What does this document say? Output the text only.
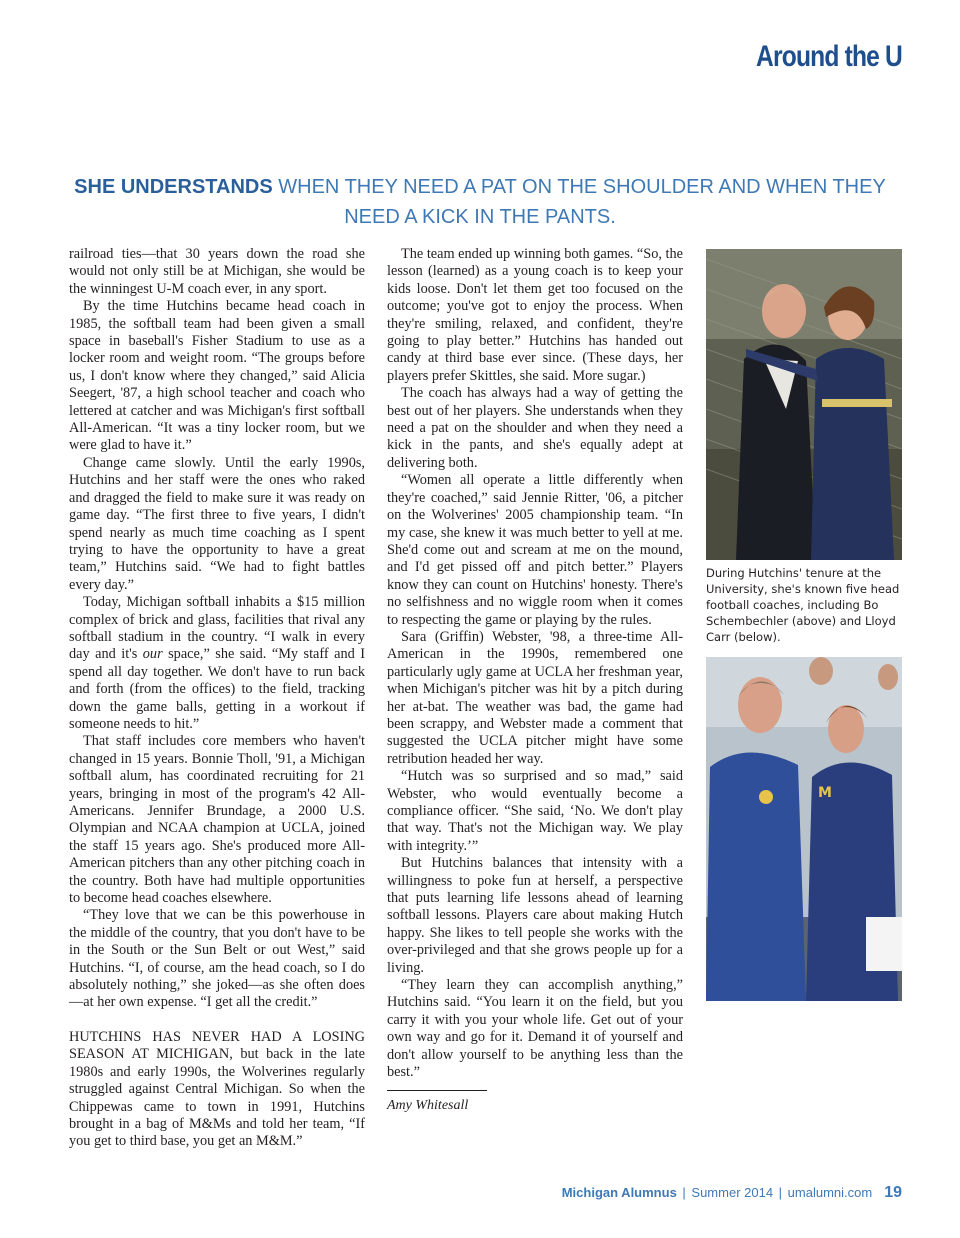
Around the U
SHE UNDERSTANDS WHEN THEY NEED A PAT ON THE SHOULDER AND WHEN THEY NEED A KICK IN THE PANTS.

railroad ties—that 30 years down the road she would not only still be at Michigan, she would be the winningest U-M coach ever, in any sport.

By the time Hutchins became head coach in 1985, the softball team had been given a small space in baseball's Fisher Stadium to use as a locker room and weight room. “The groups before us, I don't know where they changed,” said Alicia Seegert, '87, a high school teacher and coach who lettered at catcher and was Michigan's first softball All-American. “It was a tiny locker room, but we were glad to have it.”

Change came slowly. Until the early 1990s, Hutchins and her staff were the ones who raked and dragged the field to make sure it was ready on game day. “The first three to five years, I didn't spend nearly as much time coaching as I spent trying to have the opportunity to have a great team,” Hutchins said. “We had to fight battles every day.”

Today, Michigan softball inhabits a $15 million complex of brick and glass, facilities that rival any softball stadium in the country. “I walk in every day and it's our space,” she said. “My staff and I spend all day together. We don't have to run back and forth (from the offices) to the field, tracking down the game balls, getting in a workout if someone needs to hit.”

That staff includes core members who haven't changed in 15 years. Bonnie Tholl, '91, a Michigan softball alum, has coordinated recruiting for 21 years, bringing in most of the program's 42 All-Americans. Jennifer Brundage, a 2000 U.S. Olympian and NCAA champion at UCLA, joined the staff 15 years ago. She's produced more All-American pitchers than any other pitching coach in the country. Both have had multiple opportunities to become head coaches elsewhere.

“They love that we can be this powerhouse in the middle of the country, that you don't have to be in the South or the Sun Belt or out West,” said Hutchins. “I, of course, am the head coach, so I do absolutely nothing,” she joked—as she often does—at her own expense. “I get all the credit.”

HUTCHINS HAS NEVER HAD A LOSING SEASON AT MICHIGAN, but back in the late 1980s and early 1990s, the Wolverines regularly struggled against Central Michigan. So when the Chippewas came to town in 1991, Hutchins brought in a bag of M&Ms and told her team, “If you get to third base, you get an M&M.”

The team ended up winning both games. “So, the lesson (learned) as a young coach is to keep your kids loose. Don't let them get too focused on the outcome; you've got to enjoy the process. When they're smiling, relaxed, and confident, they're going to play better.” Hutchins has handed out candy at third base ever since. (These days, her players prefer Skittles, she said. More sugar.)

The coach has always had a way of getting the best out of her players. She understands when they need a pat on the shoulder and when they need a kick in the pants, and she's equally adept at delivering both.

“Women all operate a little differently when they're coached,” said Jennie Ritter, '06, a pitcher on the Wolverines' 2005 championship team. “In my case, she knew it was much better to yell at me. She'd come out and scream at me on the mound, and I'd get pissed off and pitch better.” Players know they can count on Hutchins' honesty. There's no selfishness and no wiggle room when it comes to respecting the game or playing by the rules.

Sara (Griffin) Webster, '98, a three-time All-American in the 1990s, remembered one particularly ugly game at UCLA her freshman year, when Michigan's pitcher was hit by a pitch during her at-bat. The weather was bad, the game had been scrappy, and Webster made a comment that suggested the UCLA pitcher might have some retribution headed her way.

“Hutch was so surprised and so mad,” said Webster, who would eventually become a compliance officer. “She said, ‘No. We don't play that way. That's not the Michigan way. We play with integrity.’”

But Hutchins balances that intensity with a willingness to poke fun at herself, a perspective that puts learning life lessons ahead of learning softball lessons. Players care about making Hutch happy. She likes to tell people she works with the over-privileged and that she grows people up for a living.

“They learn they can accomplish anything,” Hutchins said. “You learn it on the field, but you carry it with you your whole life. Get out of your own way and go for it. Demand it of yourself and don't allow yourself to be anything less than the best.”

Amy Whitesall
During Hutchins' tenure at the University, she's known five head football coaches, including Bo Schembechler (above) and Lloyd Carr (below).
M
Michigan Alumnus | Summer 2014 | umalumni.com 19
